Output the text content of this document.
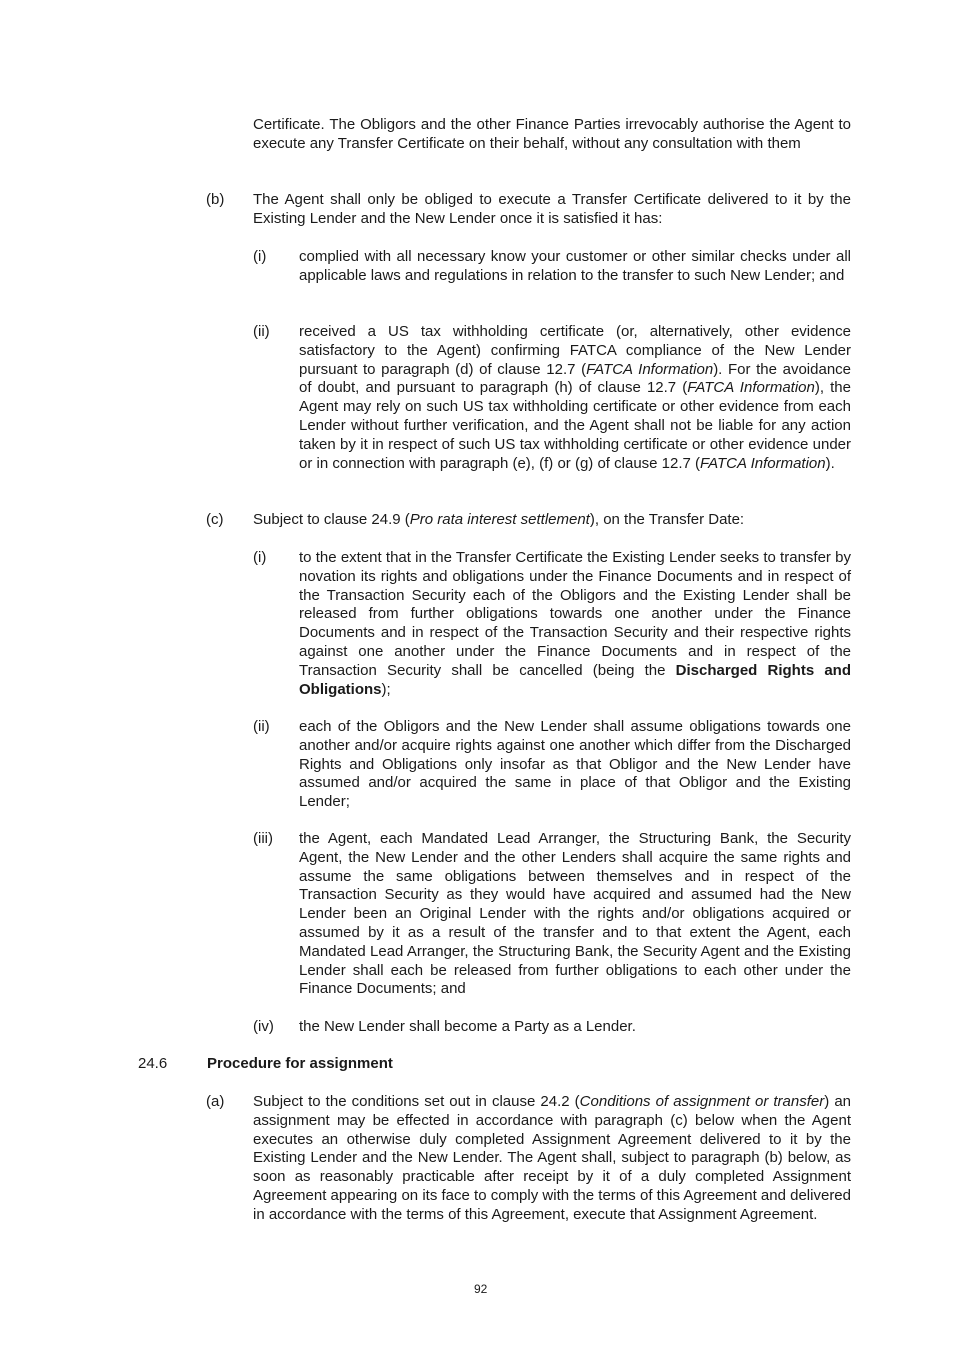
Certificate. The Obligors and the other Finance Parties irrevocably authorise the Agent to execute any Transfer Certificate on their behalf, without any consultation with them

(b) The Agent shall only be obliged to execute a Transfer Certificate delivered to it by the Existing Lender and the New Lender once it is satisfied it has:

(i) complied with all necessary know your customer or other similar checks under all applicable laws and regulations in relation to the transfer to such New Lender; and

(ii) received a US tax withholding certificate (or, alternatively, other evidence satisfactory to the Agent) confirming FATCA compliance of the New Lender pursuant to paragraph (d) of clause 12.7 (FATCA Information). For the avoidance of doubt, and pursuant to paragraph (h) of clause 12.7 (FATCA Information), the Agent may rely on such US tax withholding certificate or other evidence from each Lender without further verification, and the Agent shall not be liable for any action taken by it in respect of such US tax withholding certificate or other evidence under or in connection with paragraph (e), (f) or (g) of clause 12.7 (FATCA Information).

(c) Subject to clause 24.9 (Pro rata interest settlement), on the Transfer Date:

(i) to the extent that in the Transfer Certificate the Existing Lender seeks to transfer by novation its rights and obligations under the Finance Documents and in respect of the Transaction Security each of the Obligors and the Existing Lender shall be released from further obligations towards one another under the Finance Documents and in respect of the Transaction Security and their respective rights against one another under the Finance Documents and in respect of the Transaction Security shall be cancelled (being the Discharged Rights and Obligations);

(ii) each of the Obligors and the New Lender shall assume obligations towards one another and/or acquire rights against one another which differ from the Discharged Rights and Obligations only insofar as that Obligor and the New Lender have assumed and/or acquired the same in place of that Obligor and the Existing Lender;

(iii) the Agent, each Mandated Lead Arranger, the Structuring Bank, the Security Agent, the New Lender and the other Lenders shall acquire the same rights and assume the same obligations between themselves and in respect of the Transaction Security as they would have acquired and assumed had the New Lender been an Original Lender with the rights and/or obligations acquired or assumed by it as a result of the transfer and to that extent the Agent, each Mandated Lead Arranger, the Structuring Bank, the Security Agent and the Existing Lender shall each be released from further obligations to each other under the Finance Documents; and

(iv) the New Lender shall become a Party as a Lender.

24.6	Procedure for assignment

(a) Subject to the conditions set out in clause 24.2 (Conditions of assignment or transfer) an assignment may be effected in accordance with paragraph (c) below when the Agent executes an otherwise duly completed Assignment Agreement delivered to it by the Existing Lender and the New Lender. The Agent shall, subject to paragraph (b) below, as soon as reasonably practicable after receipt by it of a duly completed Assignment Agreement appearing on its face to comply with the terms of this Agreement and delivered in accordance with the terms of this Agreement, execute that Assignment Agreement.

92
